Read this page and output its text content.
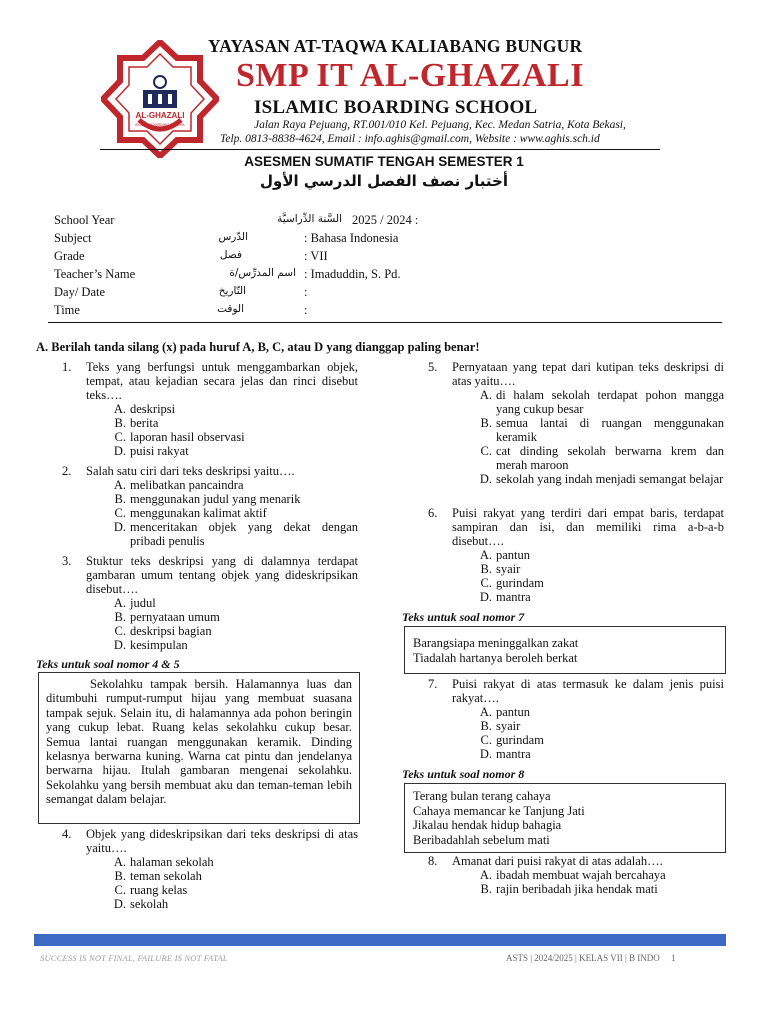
AL-GHAZALI
ISLAMIC BOARDING SCHOOL
YAYASAN AT-TAQWA KALIABANG BUNGUR
SMP IT AL-GHAZALI
ISLAMIC BOARDING SCHOOL
Jalan Raya Pejuang, RT.001/010 Kel. Pejuang, Kec. Medan Satria, Kota Bekasi,
Telp. 0813-8838-4624, Email : info.aghis@gmail.com, Website : www.aghis.sch.id
ASESMEN SUMATIF TENGAH SEMESTER 1
أختبار نصف الفصل الدرسي الأول
School Year	السَّنة الدِّراسيَّة 2025 / 2024 :
Subject	الدّرس	: Bahasa Indonesia
Grade	فصل	: VII
Teacher’s Name	اسم المدرِّس/ة : Imaduddin, S. Pd.
Day/ Date	التّاريخ	:
Time	الوقت	:
A. Berilah tanda silang (x) pada huruf A, B, C, atau D yang dianggap paling benar!
1. Teks yang berfungsi untuk menggambarkan objek, tempat, atau kejadian secara jelas dan rinci disebut teks….
A. deskripsi
B. berita
C. laporan hasil observasi
D. puisi rakyat
2. Salah satu ciri dari teks deskripsi yaitu….
A. melibatkan pancaindra
B. menggunakan judul yang menarik
C. menggunakan kalimat aktif
D. menceritakan objek yang dekat dengan pribadi penulis
3. Stuktur teks deskripsi yang di dalamnya terdapat gambaran umum tentang objek yang dideskripsikan disebut….
A. judul
B. pernyataan umum
C. deskripsi bagian
D. kesimpulan
Teks untuk soal nomor 4 & 5
Sekolahku tampak bersih. Halamannya luas dan ditumbuhi rumput-rumput hijau yang membuat suasana tampak sejuk. Selain itu, di halamannya ada pohon beringin yang cukup lebat. Ruang kelas sekolahku cukup besar. Semua lantai ruangan menggunakan keramik. Dinding kelasnya berwarna kuning. Warna cat pintu dan jendelanya berwarna hijau. Itulah gambaran mengenai sekolahku. Sekolahku yang bersih membuat aku dan teman-teman lebih semangat dalam belajar.
4. Objek yang dideskripsikan dari teks deskripsi di atas yaitu….
A. halaman sekolah
B. teman sekolah
C. ruang kelas
D. sekolah
5. Pernyataan yang tepat dari kutipan teks deskripsi di atas yaitu….
A. di halam sekolah terdapat pohon mangga yang cukup besar
B. semua lantai di ruangan menggunakan keramik
C. cat dinding sekolah berwarna krem dan merah maroon
D. sekolah yang indah menjadi semangat belajar
6. Puisi rakyat yang terdiri dari empat baris, terdapat sampiran dan isi, dan memiliki rima a-b-a-b disebut….
A. pantun
B. syair
C. gurindam
D. mantra
Teks untuk soal nomor 7
Barangsiapa meninggalkan zakat
Tiadalah hartanya beroleh berkat
7. Puisi rakyat di atas termasuk ke dalam jenis puisi rakyat….
A. pantun
B. syair
C. gurindam
D. mantra
Teks untuk soal nomor 8
Terang bulan terang cahaya
Cahaya memancar ke Tanjung Jati
Jikalau hendak hidup bahagia
Beribadahlah sebelum mati
8. Amanat dari puisi rakyat di atas adalah….
A. ibadah membuat wajah bercahaya
B. rajin beribadah jika hendak mati
SUCCESS IS NOT FINAL, FAILURE IS NOT FATAL	ASTS | 2024/2025 | KELAS VII | B INDO     1
